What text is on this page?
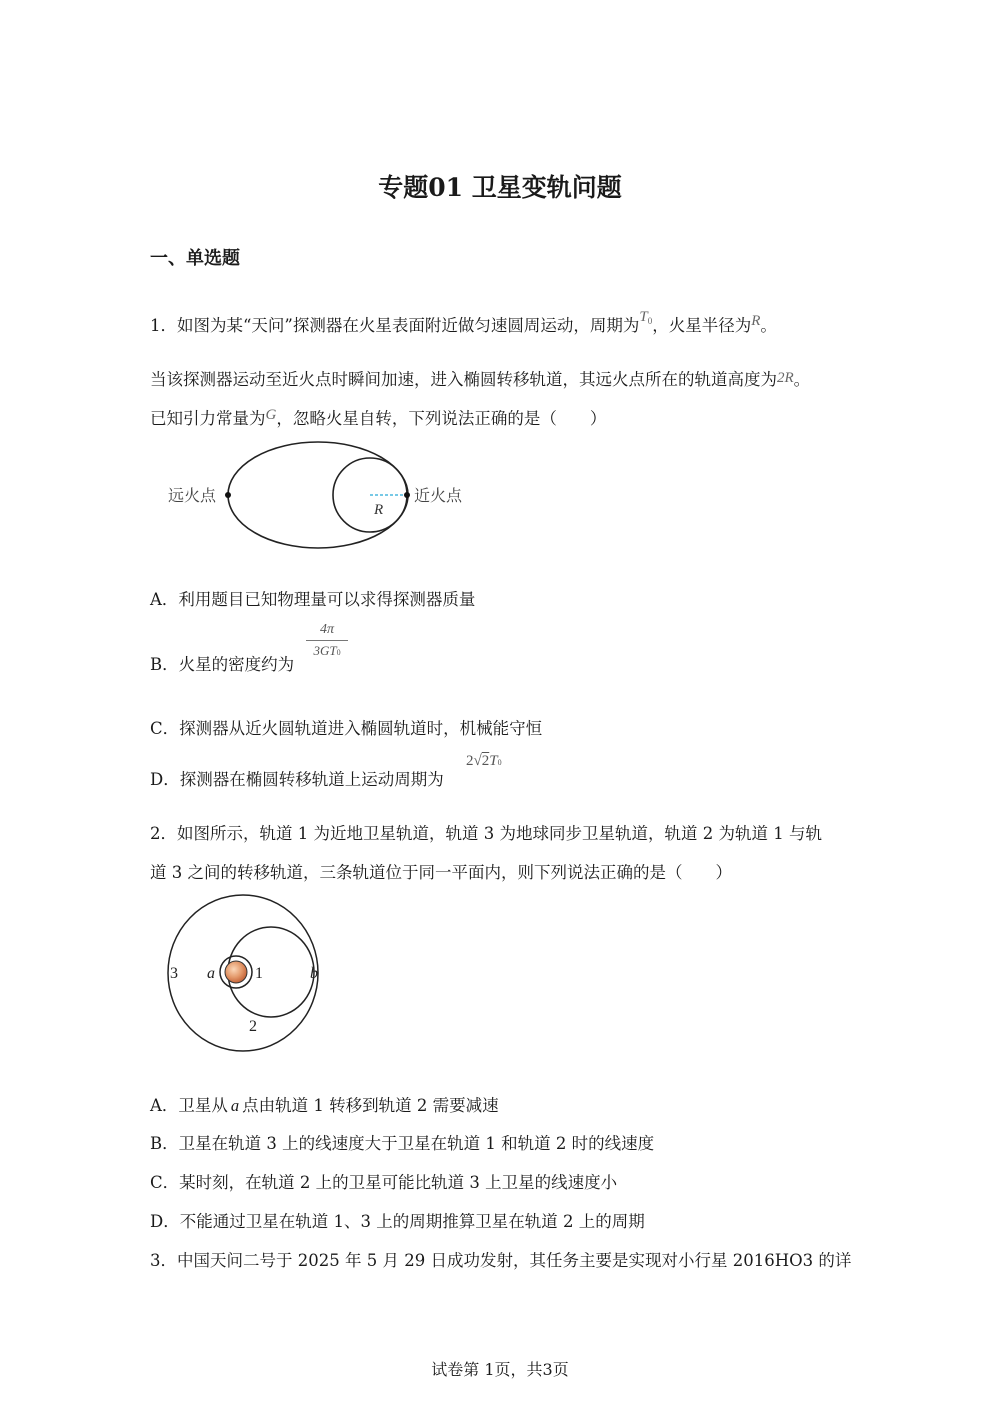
专题01 卫星变轨问题
一、单选题
1．如图为某“天问”探测器在火星表面附近做匀速圆周运动，周期为$T_0$，火星半径为R。
当该探测器运动至近火点时瞬间加速，进入椭圆转移轨道，其远火点所在的轨道高度为2R。
已知引力常量为G，忽略火星自转，下列说法正确的是（　　）
远火点	近火点
R
A．利用题目已知物理量可以求得探测器质量
B．火星的密度约为
$\frac{4\pi}{3GT0}$
C．探测器从近火圆轨道进入椭圆轨道时，机械能守恒
D．探测器在椭圆转移轨道上运动周期为
2√2T0
2．如图所示，轨道 1 为近地卫星轨道，轨道 3 为地球同步卫星轨道，轨道 2 为轨道 1 与轨
道 3 之间的转移轨道，三条轨道位于同一平面内，则下列说法正确的是（　　）
3 a	1	b
2
A．卫星从 a 点由轨道 1 转移到轨道 2 需要减速
B．卫星在轨道 3 上的线速度大于卫星在轨道 1 和轨道 2 时的线速度
C．某时刻，在轨道 2 上的卫星可能比轨道 3 上卫星的线速度小
D．不能通过卫星在轨道 1、3 上的周期推算卫星在轨道 2 上的周期
3．中国天问二号于 2025 年 5 月 29 日成功发射，其任务主要是实现对小行星 2016HO3 的详
试卷第 1页，共3页
